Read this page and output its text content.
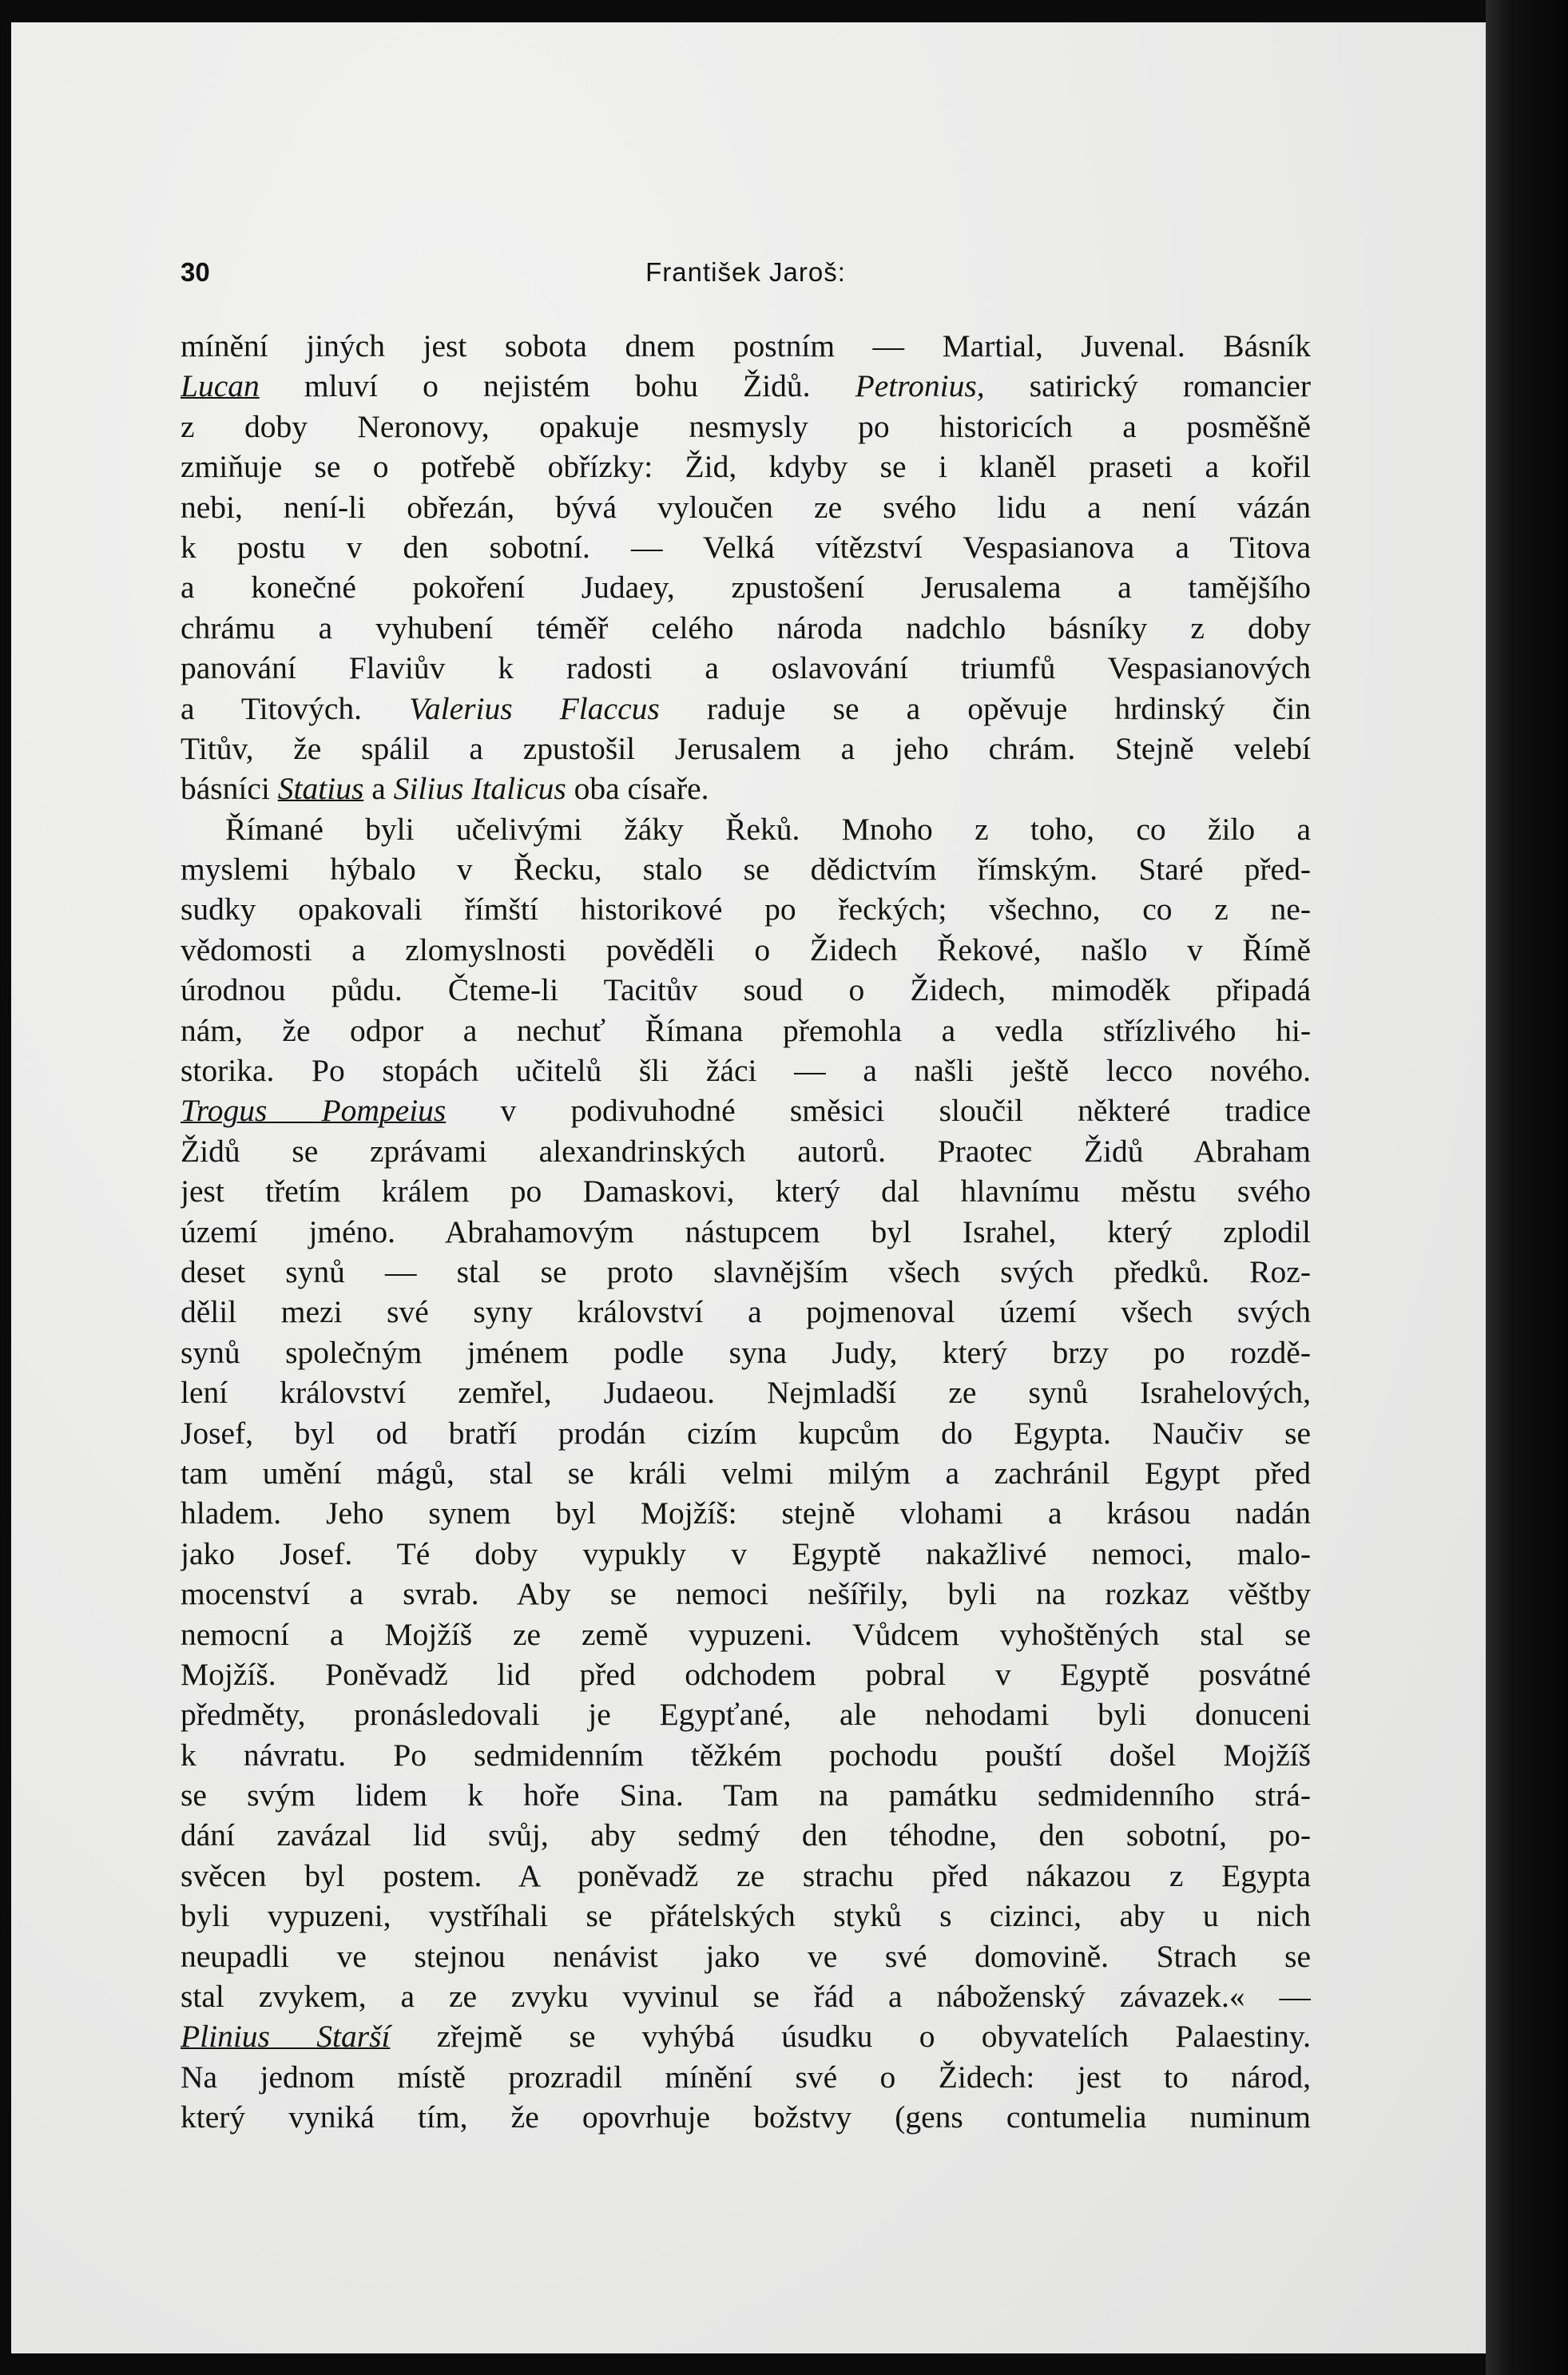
30	František Jaroš:
mínění jiných jest sobota dnem postním — Martial, Juvenal. Básník
Lucan mluví o nejistém bohu Židů. Petronius, satirický romancier
z doby Neronovy, opakuje nesmysly po historicích a posměšně
zmiňuje se o potřebě obřízky: Žid, kdyby se i klaněl praseti a kořil
nebi, není-li obřezán, bývá vyloučen ze svého lidu a není vázán
k postu v den sobotní. — Velká vítězství Vespasianova a Titova
a konečné pokoření Judaey, zpustošení Jerusalema a tamějšího
chrámu a vyhubení téměř celého národa nadchlo básníky z doby
panování Flaviův k radosti a oslavování triumfů Vespasianových
a Titových. Valerius Flaccus raduje se a opěvuje hrdinský čin
Titův, že spálil a zpustošil Jerusalem a jeho chrám. Stejně velebí
básníci Statius a Silius Italicus oba císaře.
Římané byli učelivými žáky Řeků. Mnoho z toho, co žilo a
myslemi hýbalo v Řecku, stalo se dědictvím římským. Staré před-
sudky opakovali římští historikové po řeckých; všechno, co z ne-
vědomosti a zlomyslnosti pověděli o Židech Řekové, našlo v Římě
úrodnou půdu. Čteme-li Tacitův soud o Židech, mimoděk připadá
nám, že odpor a nechuť Římana přemohla a vedla střízlivého hi-
storika. Po stopách učitelů šli žáci — a našli ještě lecco nového.
Trogus Pompeius v podivuhodné směsici sloučil některé tradice
Židů se zprávami alexandrinských autorů. Praotec Židů Abraham
jest třetím králem po Damaskovi, který dal hlavnímu městu svého
území jméno. Abrahamovým nástupcem byl Israhel, který zplodil
deset synů — stal se proto slavnějším všech svých předků. Roz-
dělil mezi své syny království a pojmenoval území všech svých
synů společným jménem podle syna Judy, který brzy po rozdě-
lení království zemřel, Judaeou. Nejmladší ze synů Israhelových,
Josef, byl od bratří prodán cizím kupcům do Egypta. Naučiv se
tam umění mágů, stal se králi velmi milým a zachránil Egypt před
hladem. Jeho synem byl Mojžíš: stejně vlohami a krásou nadán
jako Josef. Té doby vypukly v Egyptě nakažlivé nemoci, malo-
mocenství a svrab. Aby se nemoci nešířily, byli na rozkaz věštby
nemocní a Mojžíš ze země vypuzeni. Vůdcem vyhoštěných stal se
Mojžíš. Poněvadž lid před odchodem pobral v Egyptě posvátné
předměty, pronásledovali je Egypťané, ale nehodami byli donuceni
k návratu. Po sedmidenním těžkém pochodu pouští došel Mojžíš
se svým lidem k hoře Sina. Tam na památku sedmidenního strá-
dání zavázal lid svůj, aby sedmý den téhodne, den sobotní, po-
svěcen byl postem. A poněvadž ze strachu před nákazou z Egypta
byli vypuzeni, vystříhali se přátelských styků s cizinci, aby u nich
neupadli ve stejnou nenávist jako ve své domovině. Strach se
stal zvykem, a ze zvyku vyvinul se řád a náboženský závazek.« —
Plinius Starší zřejmě se vyhýbá úsudku o obyvatelích Palaestiny.
Na jednom místě prozradil mínění své o Židech: jest to národ,
který vyniká tím, že opovrhuje božstvy (gens contumelia numinum
